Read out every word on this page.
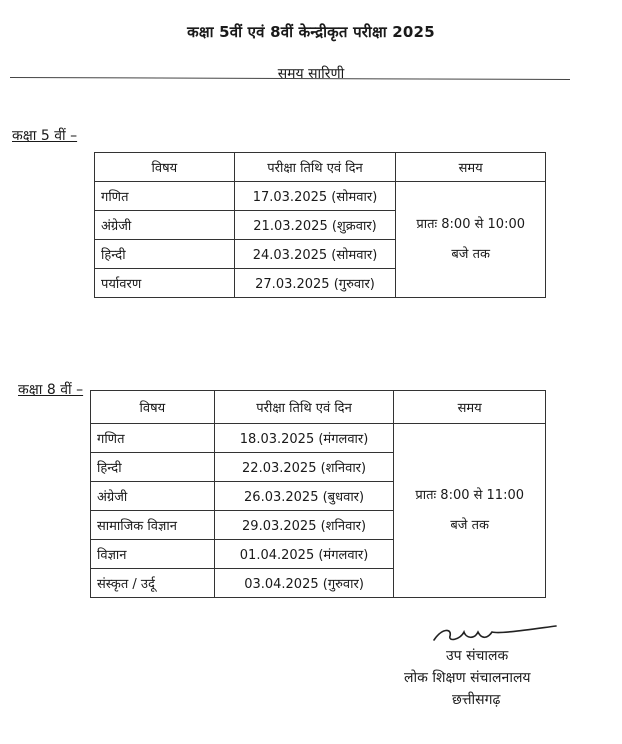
कक्षा 5वीं एवं 8वीं केन्द्रीकृत परीक्षा 2025
समय सारिणी
कक्षा 5 वीं –
विषय	परीक्षा तिथि एवं दिन	समय
गणित	17.03.2025 (सोमवार)	प्रातः 8:00 से 10:00
बजे तक

अंग्रेजी	21.03.2025 (शुक्रवार)	
हिन्दी	24.03.2025 (सोमवार)	
पर्यावरण	27.03.2025 (गुरुवार)	
कक्षा 8 वीं –
विषय	परीक्षा तिथि एवं दिन	समय
गणित	18.03.2025 (मंगलवार)	प्रातः 8:00 से 11:00
बजे तक

हिन्दी	22.03.2025 (शनिवार)	
अंग्रेजी	26.03.2025 (बुधवार)	
सामाजिक विज्ञान	29.03.2025 (शनिवार)	
विज्ञान	01.04.2025 (मंगलवार)	
संस्कृत / उर्दू	03.04.2025 (गुरुवार)	
उप संचालक
लोक शिक्षण संचालनालय
छत्तीसगढ़
